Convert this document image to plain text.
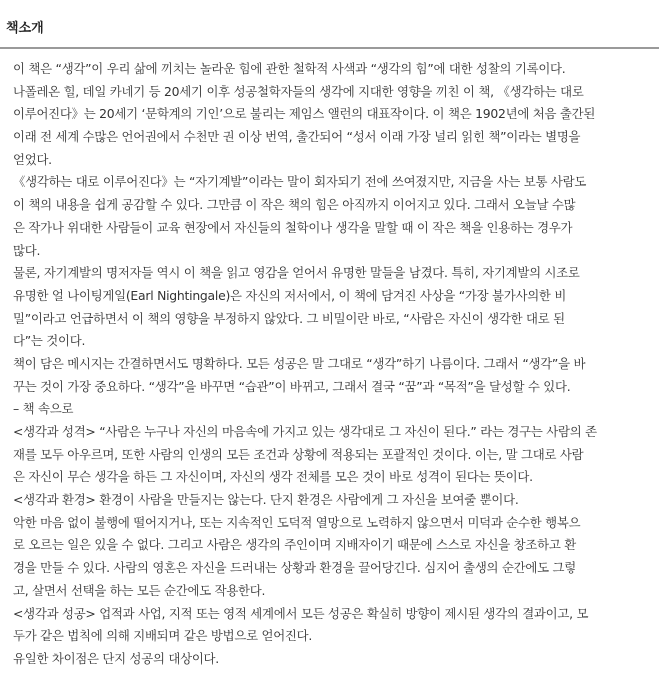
책소개
이 책은 “생각”이 우리 삶에 끼치는 놀라운 힘에 관한 철학적 사색과 “생각의 힘”에 대한 성찰의 기록이다.
나폴레온 힐, 데일 카네기 등 20세기 이후 성공철학자들의 생각에 지대한 영향을 끼친 이 책, 《생각하는 대로
이루어진다》는 20세기 ‘문학계의 기인’으로 불리는 제임스 앨런의 대표작이다. 이 책은 1902년에 처음 출간된
이래 전 세계 수많은 언어권에서 수천만 권 이상 번역, 출간되어 “성서 이래 가장 널리 읽힌 책”이라는 별명을
얻었다.
《생각하는 대로 이루어진다》는 “자기계발”이라는 말이 회자되기 전에 쓰여졌지만, 지금을 사는 보통 사람도
이 책의 내용을 쉽게 공감할 수 있다. 그만큼 이 작은 책의 힘은 아직까지 이어지고 있다. 그래서 오늘날 수많
은 작가나 위대한 사람들이 교육 현장에서 자신들의 철학이나 생각을 말할 때 이 작은 책을 인용하는 경우가
많다.
물론, 자기계발의 명저자들 역시 이 책을 읽고 영감을 얻어서 유명한 말들을 남겼다. 특히, 자기계발의 시조로
유명한 얼 나이팅게일(Earl Nightingale)은 자신의 저서에서, 이 책에 담겨진 사상을 “가장 불가사의한 비
밀”이라고 언급하면서 이 책의 영향을 부정하지 않았다. 그 비밀이란 바로, “사람은 자신이 생각한 대로 된
다”는 것이다.
책이 담은 메시지는 간결하면서도 명확하다. 모든 성공은 말 그대로 “생각”하기 나름이다. 그래서 “생각”을 바
꾸는 것이 가장 중요하다. “생각”을 바꾸면 “습관”이 바뀌고, 그래서 결국 “꿈”과 “목적”을 달성할 수 있다.
– 책 속으로
<생각과 성격> “사람은 누구나 자신의 마음속에 가지고 있는 생각대로 그 자신이 된다.” 라는 경구는 사람의 존
재를 모두 아우르며, 또한 사람의 인생의 모든 조건과 상황에 적용되는 포괄적인 것이다. 이는, 말 그대로 사람
은 자신이 무슨 생각을 하든 그 자신이며, 자신의 생각 전체를 모은 것이 바로 성격이 된다는 뜻이다.
<생각과 환경> 환경이 사람을 만들지는 않는다. 단지 환경은 사람에게 그 자신을 보여줄 뿐이다.
악한 마음 없이 불행에 떨어지거나, 또는 지속적인 도덕적 열망으로 노력하지 않으면서 미덕과 순수한 행복으
로 오르는 일은 있을 수 없다. 그리고 사람은 생각의 주인이며 지배자이기 때문에 스스로 자신을 창조하고 환
경을 만들 수 있다. 사람의 영혼은 자신을 드러내는 상황과 환경을 끌어당긴다. 심지어 출생의 순간에도 그렇
고, 살면서 선택을 하는 모든 순간에도 작용한다.
<생각과 성공> 업적과 사업, 지적 또는 영적 세계에서 모든 성공은 확실히 방향이 제시된 생각의 결과이고, 모
두가 같은 법칙에 의해 지배되며 같은 방법으로 얻어진다.
유일한 차이점은 단지 성공의 대상이다.
